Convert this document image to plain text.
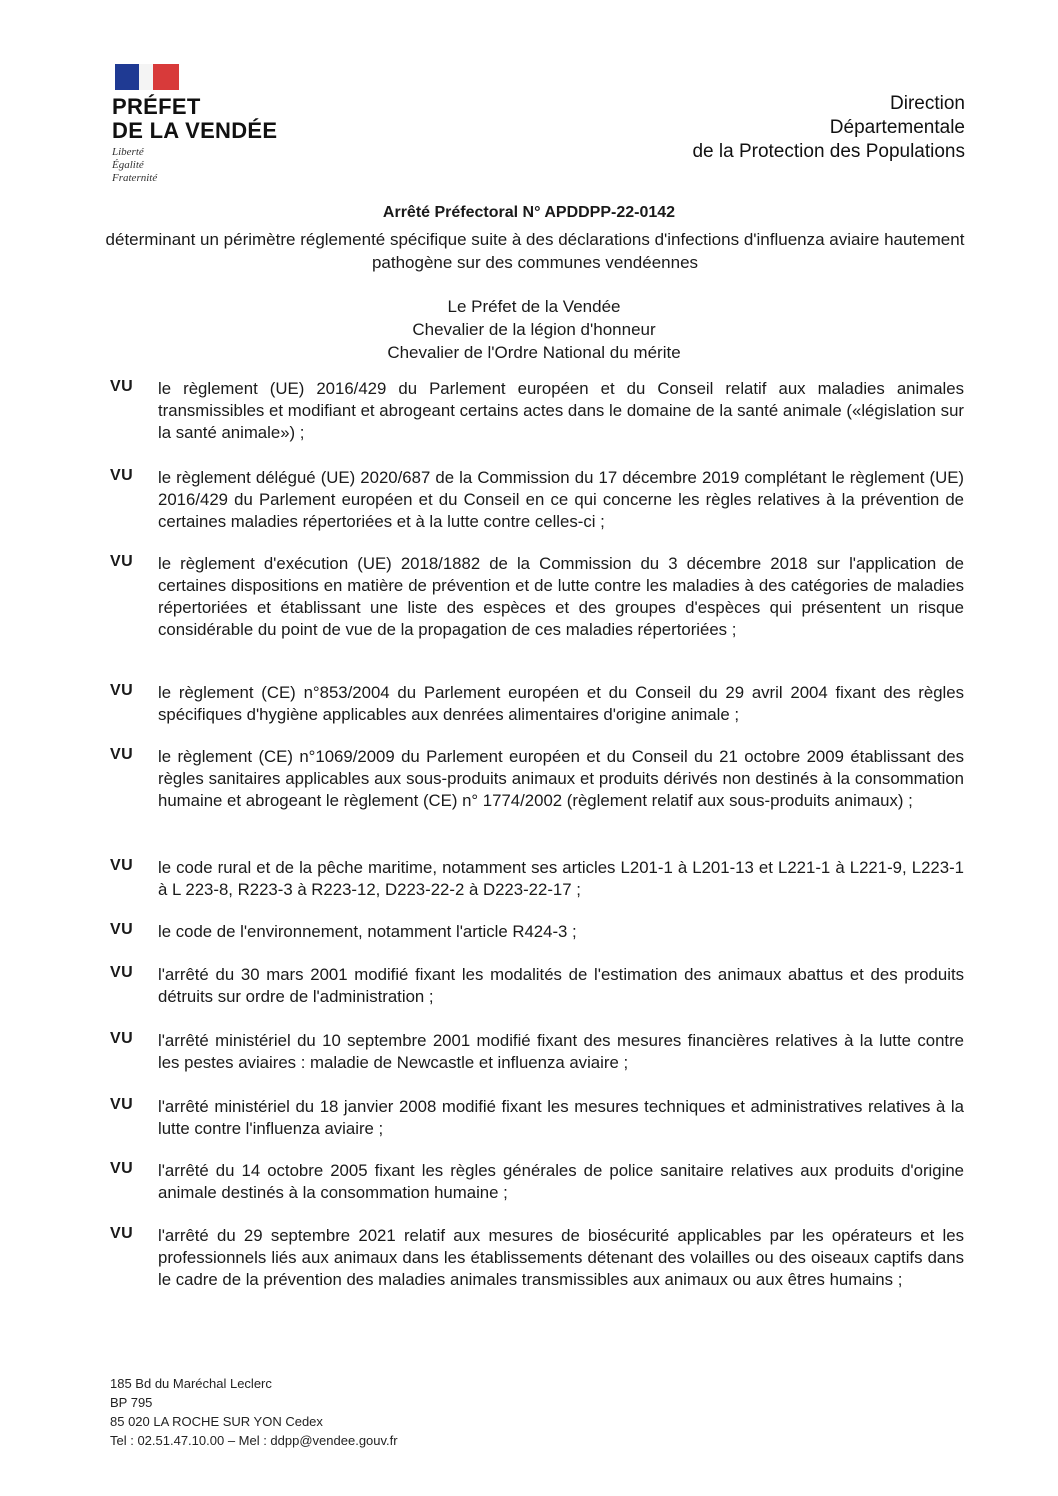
PRÉFET
DE LA VENDÉE
Liberté
Égalité
Fraternité
Direction
Départementale
de la Protection des Populations
Arrêté Préfectoral N° APDDPP-22-0142
déterminant un périmètre réglementé spécifique suite à des déclarations d'infections d'influenza aviaire hautement pathogène sur des communes vendéennes
Le Préfet de la Vendée
Chevalier de la légion d'honneur
Chevalier de l'Ordre National du mérite
VU le règlement (UE) 2016/429 du Parlement européen et du Conseil relatif aux maladies animales transmissibles et modifiant et abrogeant certains actes dans le domaine de la santé animale («législation sur la santé animale») ;
VU le règlement délégué (UE) 2020/687 de la Commission du 17 décembre 2019 complétant le règlement (UE) 2016/429 du Parlement européen et du Conseil en ce qui concerne les règles relatives à la prévention de certaines maladies répertoriées et à la lutte contre celles-ci ;
VU le règlement d'exécution (UE) 2018/1882 de la Commission du 3 décembre 2018 sur l'application de certaines dispositions en matière de prévention et de lutte contre les maladies à des catégories de maladies répertoriées et établissant une liste des espèces et des groupes d'espèces qui présentent un risque considérable du point de vue de la propagation de ces maladies répertoriées ;
VU le règlement (CE) n°853/2004 du Parlement européen et du Conseil du 29 avril 2004 fixant des règles spécifiques d'hygiène applicables aux denrées alimentaires d'origine animale ;
VU le règlement (CE) n°1069/2009 du Parlement européen et du Conseil du 21 octobre 2009 établissant des règles sanitaires applicables aux sous-produits animaux et produits dérivés non destinés à la consommation humaine et abrogeant le règlement (CE) n° 1774/2002 (règlement relatif aux sous-produits animaux) ;
VU le code rural et de la pêche maritime, notamment ses articles L201-1 à L201-13 et L221-1 à L221-9, L223-1 à L 223-8, R223-3 à R223-12, D223-22-2 à D223-22-17 ;
VU le code de l'environnement, notamment l'article R424-3 ;
VU l'arrêté du 30 mars 2001 modifié fixant les modalités de l'estimation des animaux abattus et des produits détruits sur ordre de l'administration ;
VU l'arrêté ministériel du 10 septembre 2001 modifié fixant des mesures financières relatives à la lutte contre les pestes aviaires : maladie de Newcastle et influenza aviaire ;
VU l'arrêté ministériel du 18 janvier 2008 modifié fixant les mesures techniques et administratives relatives à la lutte contre l'influenza aviaire ;
VU l'arrêté du 14 octobre 2005 fixant les règles générales de police sanitaire relatives aux produits d'origine animale destinés à la consommation humaine ;
VU l'arrêté du 29 septembre 2021 relatif aux mesures de biosécurité applicables par les opérateurs et les professionnels liés aux animaux dans les établissements détenant des volailles ou des oiseaux captifs dans le cadre de la prévention des maladies animales transmissibles aux animaux ou aux êtres humains ;
185 Bd du Maréchal Leclerc
BP 795
85 020 LA ROCHE SUR YON Cedex
Tel : 02.51.47.10.00 – Mel : ddpp@vendee.gouv.fr
